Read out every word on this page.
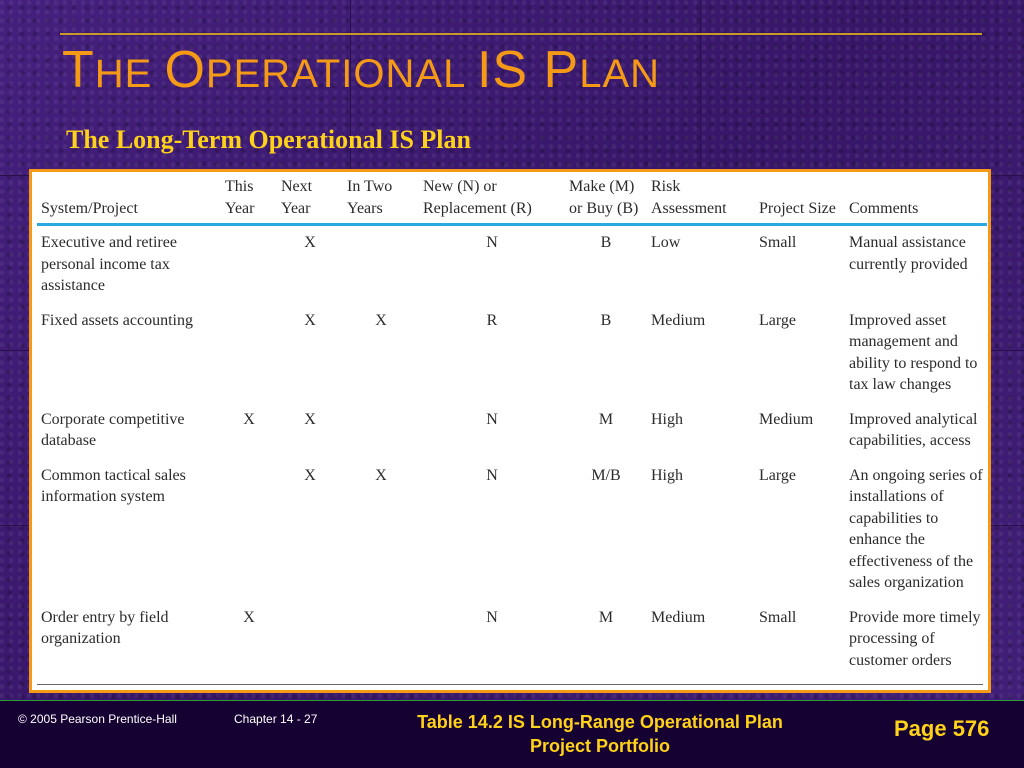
THE OPERATIONAL IS PLAN
The Long-Term Operational IS Plan
System/Project	This Year	Next Year	In Two Years	New (N) or Replacement (R)	Make (M) or Buy (B)	Risk Assessment	Project Size	Comments
Executive and retiree personal income tax assistance		X		N	B	Low	Small	Manual assistance currently provided
Fixed assets accounting		X	X	R	B	Medium	Large	Improved asset management and ability to respond to tax law changes
Corporate competitive database	X	X		N	M	High	Medium	Improved analytical capabilities, access
Common tactical sales information system		X	X	N	M/B	High	Large	An ongoing series of installations of capabilities to enhance the effectiveness of the sales organization
Order entry by field organization	X			N	M	Medium	Small	Provide more timely processing of customer orders
© 2005 Pearson Prentice-Hall	Chapter 14 - 27	Table 14.2 IS Long-Range Operational Plan
Project Portfolio
Page 576
